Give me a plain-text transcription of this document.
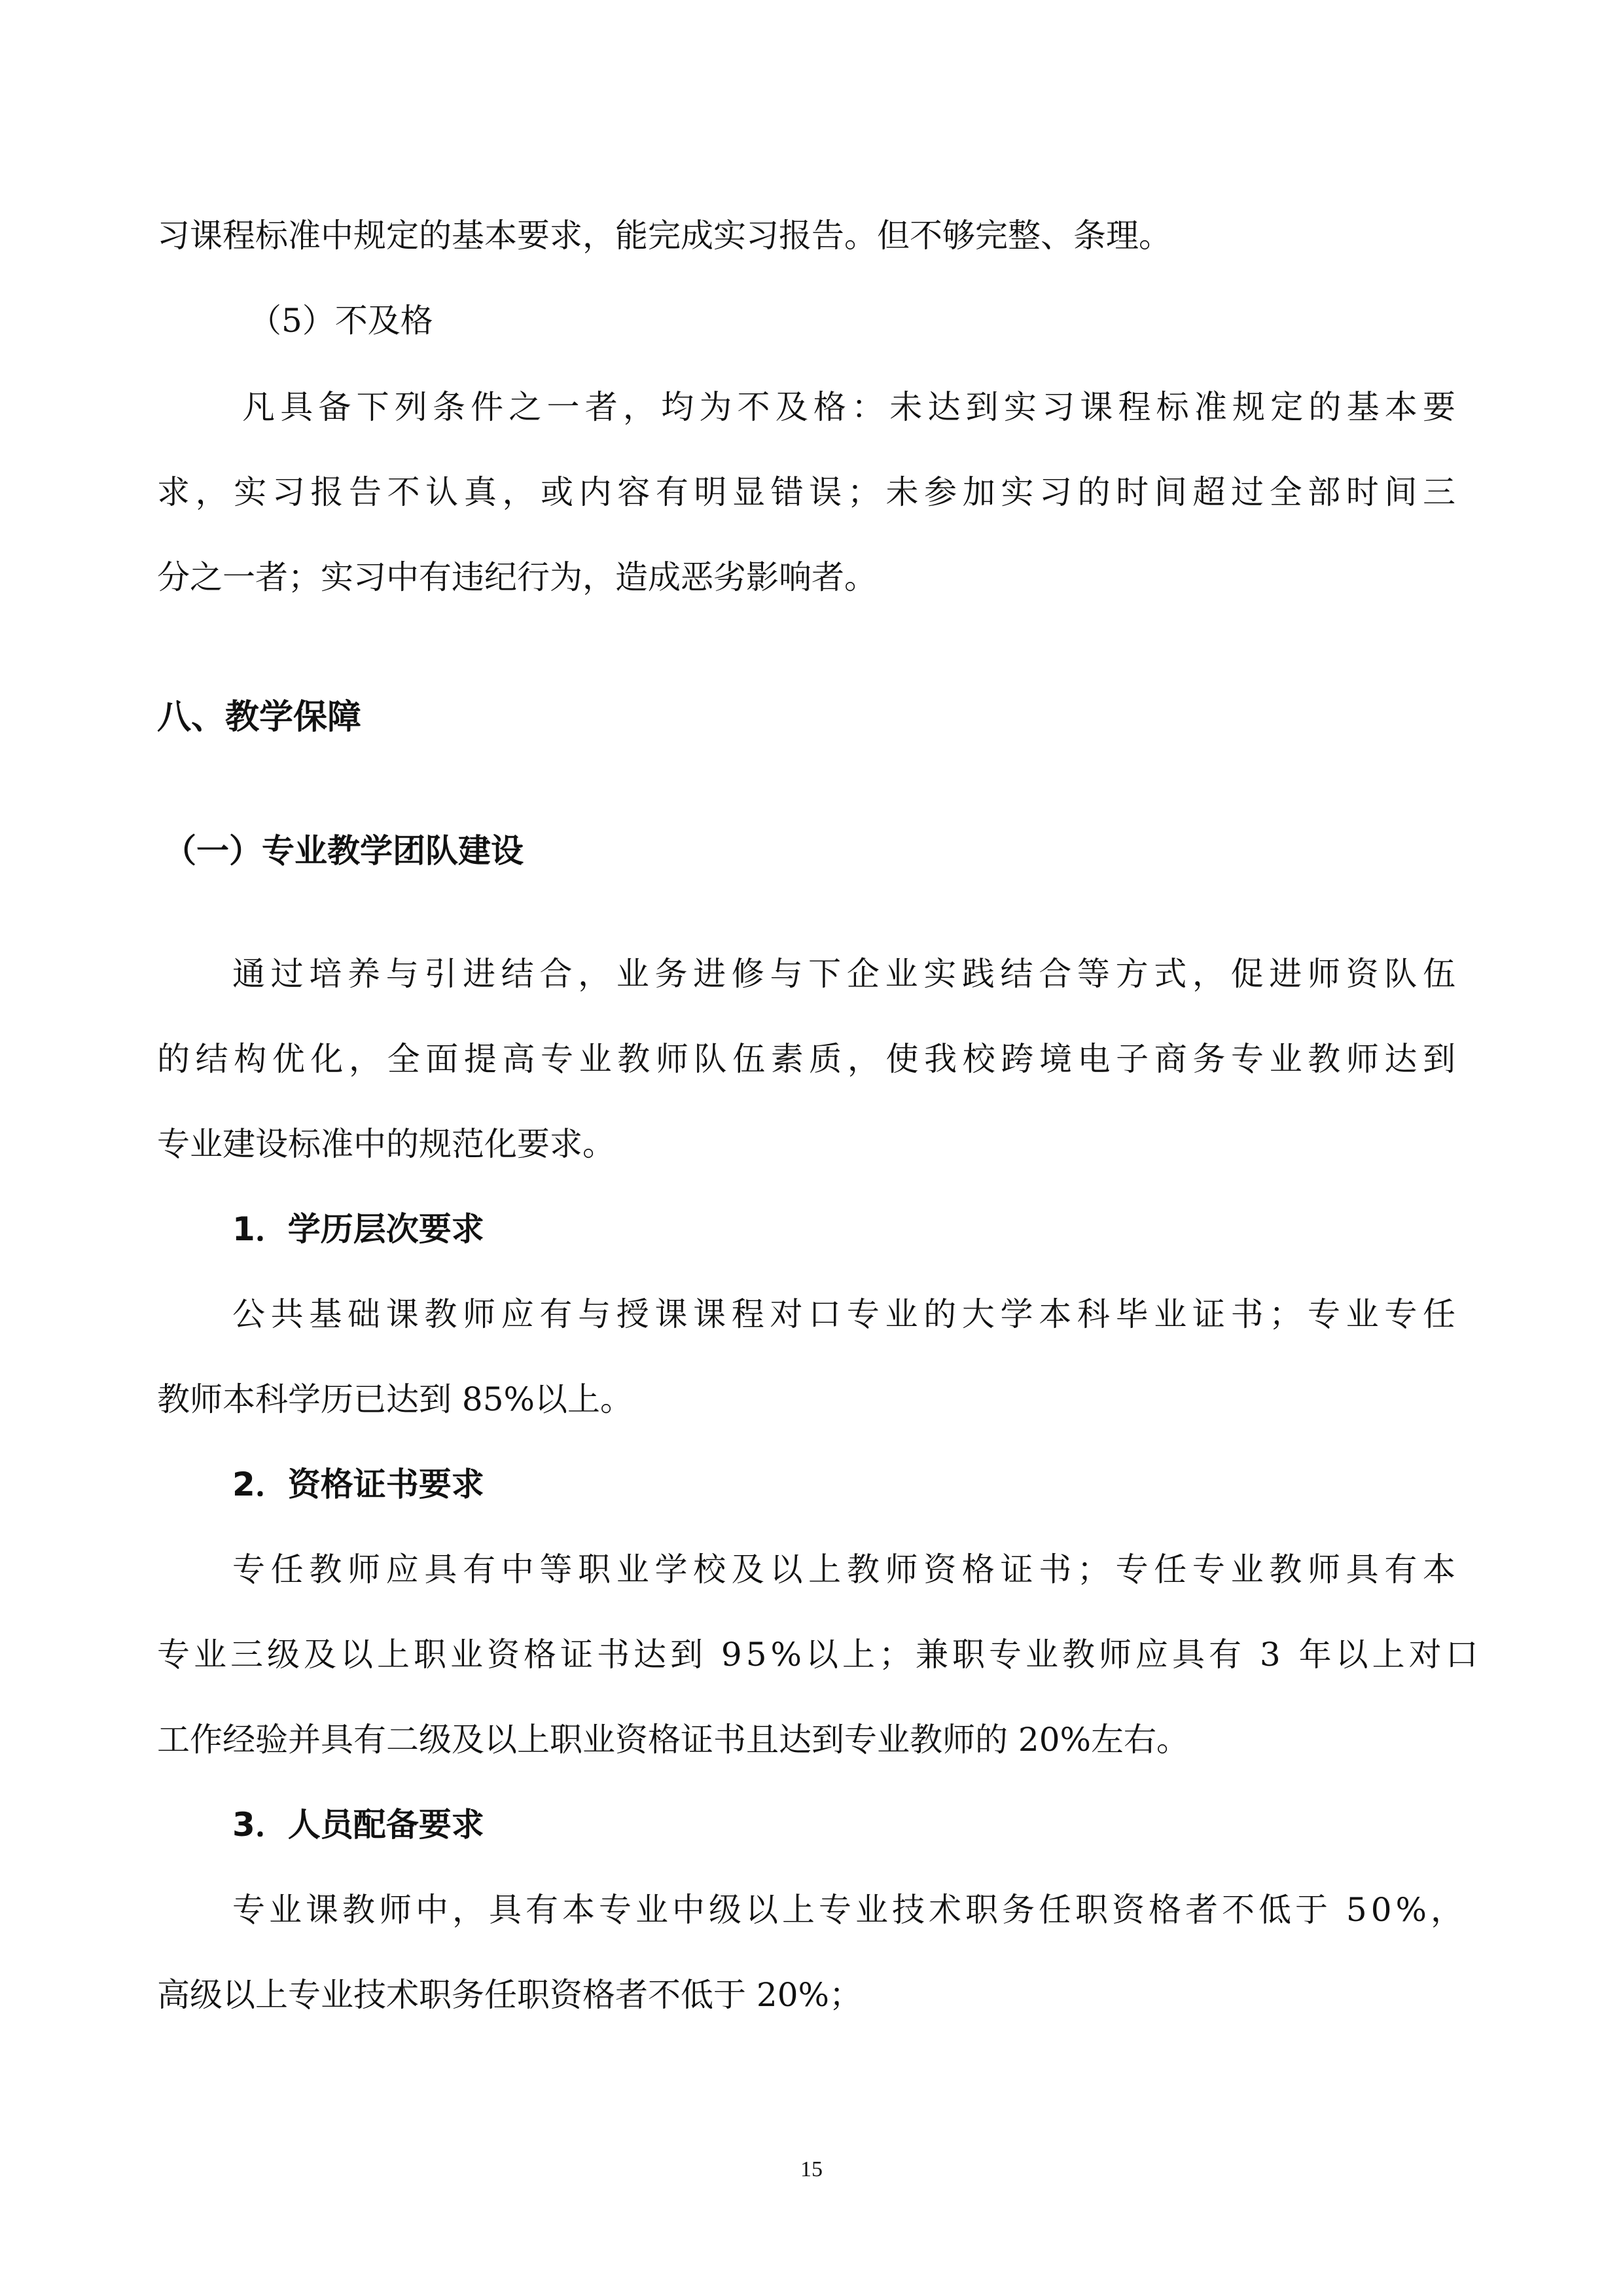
习课程标准中规定的基本要求，能完成实习报告。但不够完整、条理。
（5）不及格
凡具备下列条件之一者，均为不及格：未达到实习课程标准规定的基本要
求，实习报告不认真，或内容有明显错误；未参加实习的时间超过全部时间三
分之一者；实习中有违纪行为，造成恶劣影响者。
八、教学保障
（一）专业教学团队建设
通过培养与引进结合，业务进修与下企业实践结合等方式，促进师资队伍
的结构优化，全面提高专业教师队伍素质，使我校跨境电子商务专业教师达到
专业建设标准中的规范化要求。
1．学历层次要求
公共基础课教师应有与授课课程对口专业的大学本科毕业证书；专业专任
教师本科学历已达到 85%以上。
2．资格证书要求
专任教师应具有中等职业学校及以上教师资格证书；专任专业教师具有本
专业三级及以上职业资格证书达到 95%以上；兼职专业教师应具有 3 年以上对口
工作经验并具有二级及以上职业资格证书且达到专业教师的 20%左右。
3．人员配备要求
专业课教师中，具有本专业中级以上专业技术职务任职资格者不低于 50%，
高级以上专业技术职务任职资格者不低于 20%；
15
